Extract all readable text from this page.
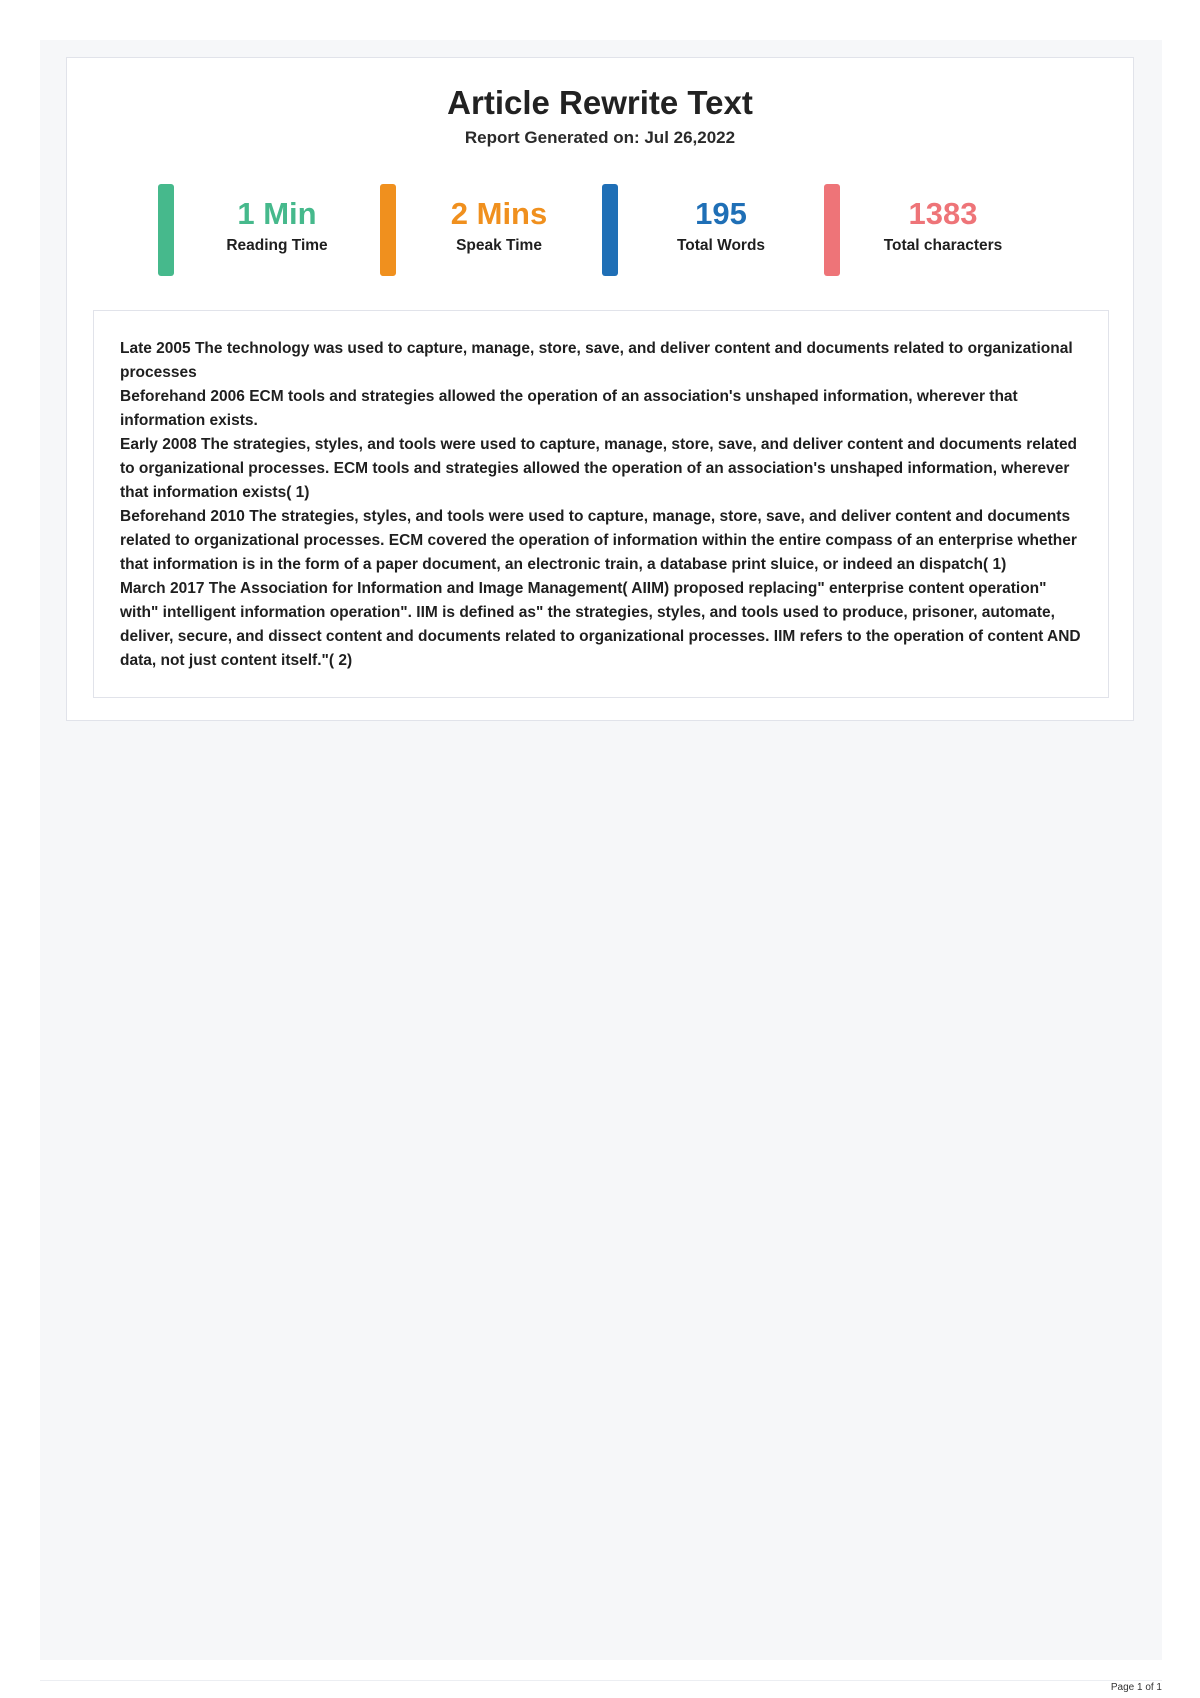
Article Rewrite Text
Report Generated on: Jul 26,2022
1 Min
Reading Time
2 Mins
Speak Time
195
Total Words
1383
Total characters

Late 2005 The technology was used to capture, manage, store, save, and deliver content and documents related to organizational processes

Beforehand 2006 ECM tools and strategies allowed the operation of an association's unshaped information, wherever that information exists.

Early 2008 The strategies, styles, and tools were used to capture, manage, store, save, and deliver content and documents related to organizational processes. ECM tools and strategies allowed the operation of an association's unshaped information, wherever that information exists( 1)

Beforehand 2010 The strategies, styles, and tools were used to capture, manage, store, save, and deliver content and documents related to organizational processes. ECM covered the operation of information within the entire compass of an enterprise whether that information is in the form of a paper document, an electronic train, a database print sluice, or indeed an dispatch( 1)

March 2017 The Association for Information and Image Management( AIIM) proposed replacing" enterprise content operation" with" intelligent information operation". IIM is defined as" the strategies, styles, and tools used to produce, prisoner, automate, deliver, secure, and dissect content and documents related to organizational processes. IIM refers to the operation of content AND data, not just content itself."( 2)

Page 1 of 1
